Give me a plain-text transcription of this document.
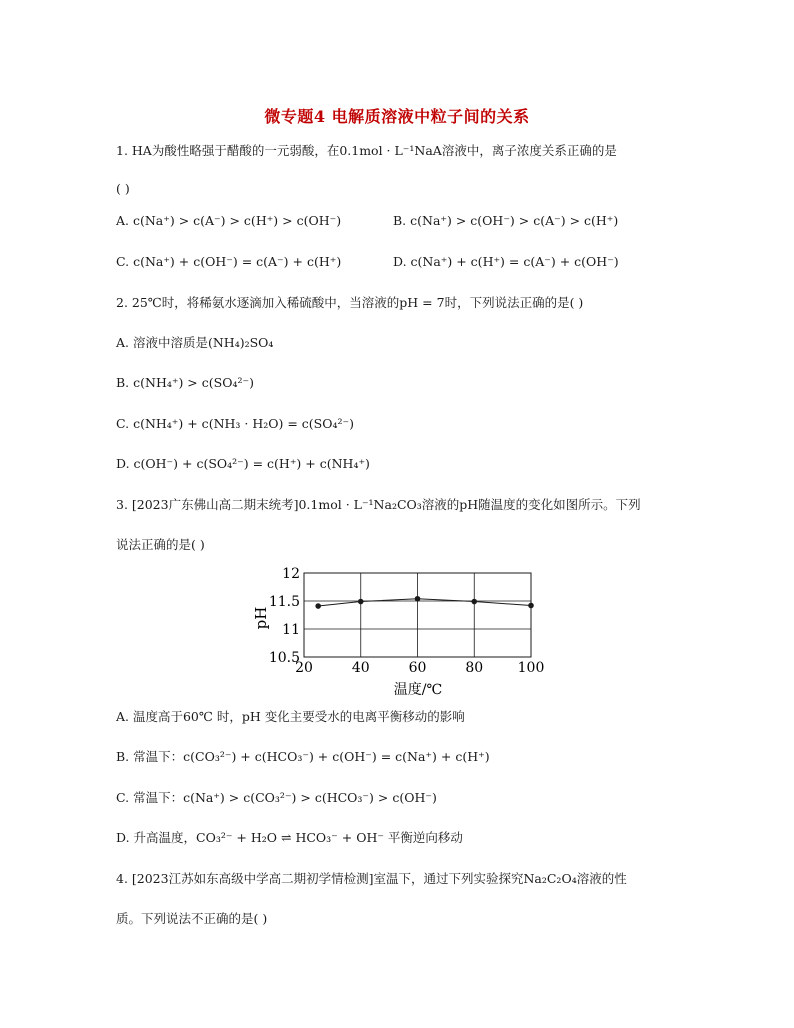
微专题4 电解质溶液中粒子间的关系
1. HA为酸性略强于醋酸的一元弱酸，在0.1mol · L⁻¹NaA溶液中，离子浓度关系正确的是
( )
A. c(Na⁺) > c(A⁻) > c(H⁺) > c(OH⁻)	B. c(Na⁺) > c(OH⁻) > c(A⁻) > c(H⁺)
C. c(Na⁺) + c(OH⁻) = c(A⁻) + c(H⁺)	D. c(Na⁺) + c(H⁺) = c(A⁻) + c(OH⁻)
2. 25℃时，将稀氨水逐滴加入稀硫酸中，当溶液的pH = 7时，下列说法正确的是( )
A. 溶液中溶质是(NH₄)₂SO₄
B. c(NH₄⁺) > c(SO₄²⁻)
C. c(NH₄⁺) + c(NH₃ · H₂O) = c(SO₄²⁻)
D. c(OH⁻) + c(SO₄²⁻) = c(H⁺) + c(NH₄⁺)
3. [2023广东佛山高二期末统考]0.1mol · L⁻¹Na₂CO₃溶液的pH随温度的变化如图所示。下列
说法正确的是( )
20	40	60	80 100
10.5
11
11.5
12
pH
温度/℃
A. 温度高于60℃ 时，pH 变化主要受水的电离平衡移动的影响
B. 常温下：c(CO₃²⁻) + c(HCO₃⁻) + c(OH⁻) = c(Na⁺) + c(H⁺)
C. 常温下：c(Na⁺) > c(CO₃²⁻) > c(HCO₃⁻) > c(OH⁻)
D. 升高温度，CO₃²⁻ + H₂O ⇌ HCO₃⁻ + OH⁻ 平衡逆向移动
4. [2023江苏如东高级中学高二期初学情检测]室温下，通过下列实验探究Na₂C₂O₄溶液的性
质。下列说法不正确的是( )
